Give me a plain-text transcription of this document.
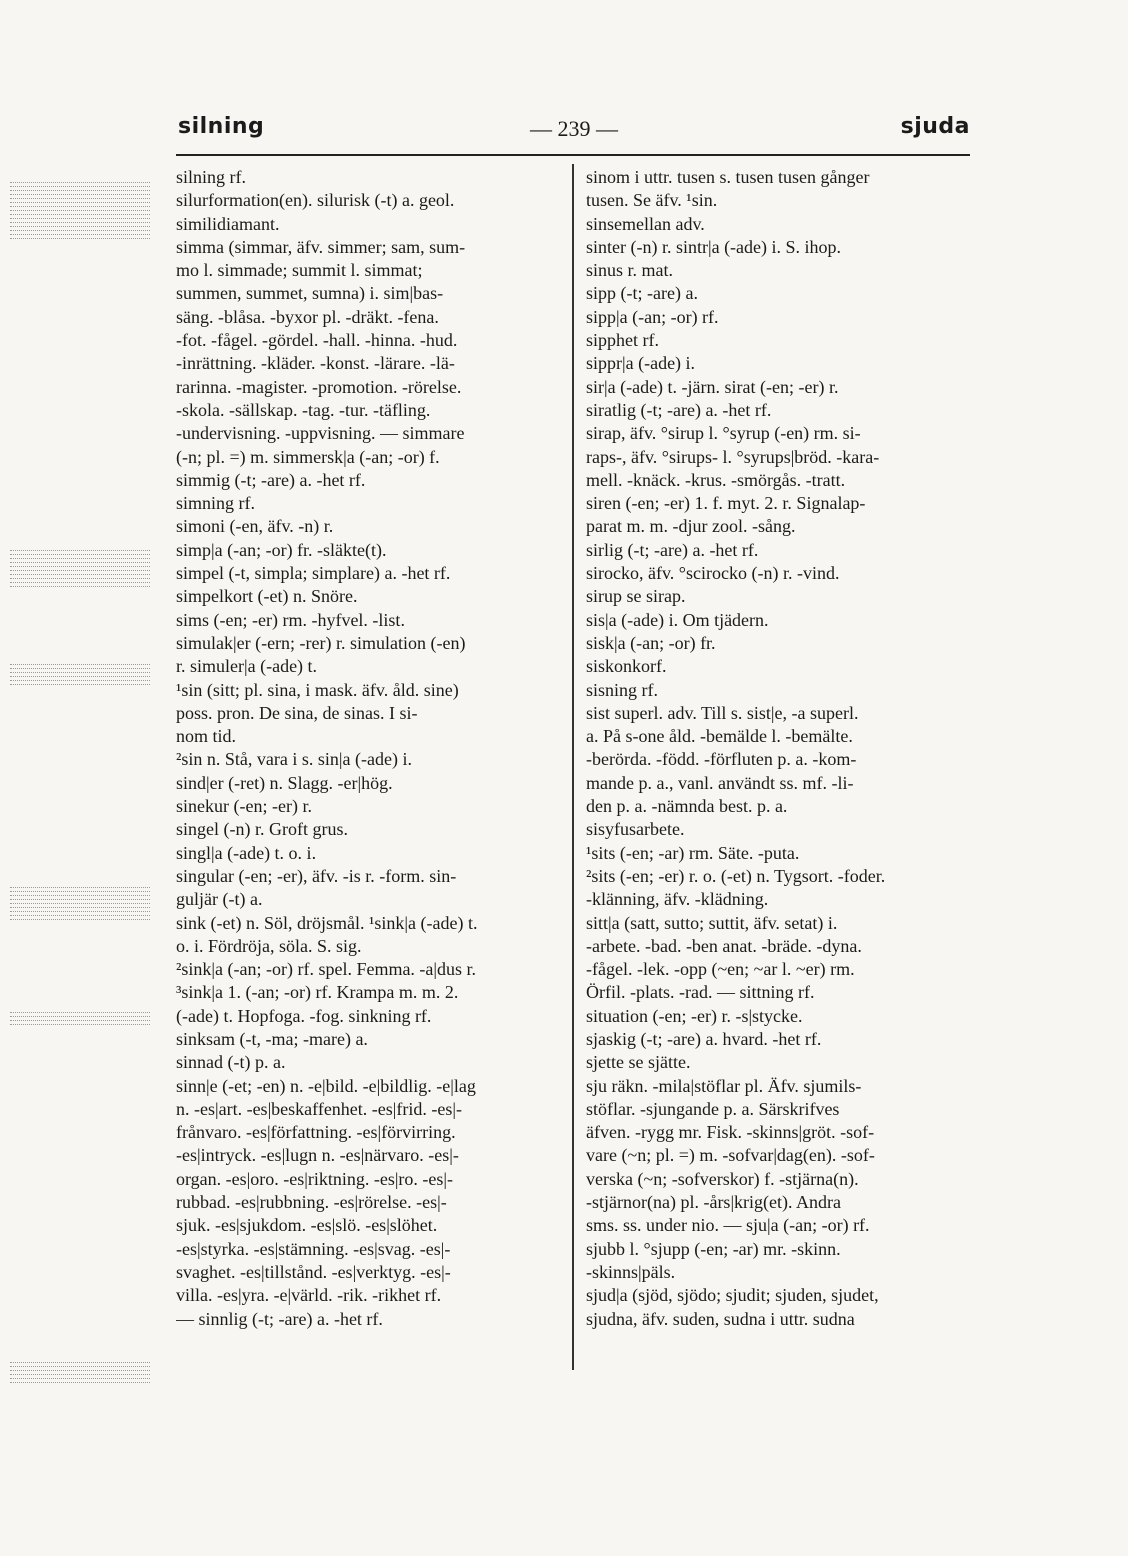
silning	— 239 —	sjuda
silning rf.
silurformation(en). silurisk (-t) a. geol.
similidiamant.
simma (simmar, äfv. simmer; sam, sum-
mo l. simmade; summit l. simmat;
summen, summet, sumna) i. sim|bas-
säng. -blåsa. -byxor pl. -dräkt. -fena.
-fot. -fågel. -gördel. -hall. -hinna. -hud.
-inrättning. -kläder. -konst. -lärare. -lä-
rarinna. -magister. -promotion. -rörelse.
-skola. -sällskap. -tag. -tur. -täfling.
-undervisning. -uppvisning. — simmare
(-n; pl. =) m. simmersk|a (-an; -or) f.
simmig (-t; -are) a. -het rf.
simning rf.
simoni (-en, äfv. -n) r.
simp|a (-an; -or) fr. -släkte(t).
simpel (-t, simpla; simplare) a. -het rf.
simpelkort (-et) n. Snöre.
sims (-en; -er) rm. -hyfvel. -list.
simulak|er (-ern; -rer) r. simulation (-en)
r. simuler|a (-ade) t.
¹sin (sitt; pl. sina, i mask. äfv. åld. sine)
poss. pron. De sina, de sinas. I si-
nom tid.
²sin n. Stå, vara i s. sin|a (-ade) i.
sind|er (-ret) n. Slagg. -er|hög.
sinekur (-en; -er) r.
singel (-n) r. Groft grus.
singl|a (-ade) t. o. i.
singular (-en; -er), äfv. -is r. -form. sin-
guljär (-t) a.
sink (-et) n. Söl, dröjsmål. ¹sink|a (-ade) t.
o. i. Fördröja, söla. S. sig.
²sink|a (-an; -or) rf. spel. Femma. -a|dus r.
³sink|a 1. (-an; -or) rf. Krampa m. m. 2.
(-ade) t. Hopfoga. -fog. sinkning rf.
sinksam (-t, -ma; -mare) a.
sinnad (-t) p. a.
sinn|e (-et; -en) n. -e|bild. -e|bildlig. -e|lag
n. -es|art. -es|beskaffenhet. -es|frid. -es|-
frånvaro. -es|författning. -es|förvirring.
-es|intryck. -es|lugn n. -es|närvaro. -es|-
organ. -es|oro. -es|riktning. -es|ro. -es|-
rubbad. -es|rubbning. -es|rörelse. -es|-
sjuk. -es|sjukdom. -es|slö. -es|slöhet.
-es|styrka. -es|stämning. -es|svag. -es|-
svaghet. -es|tillstånd. -es|verktyg. -es|-
villa. -es|yra. -e|värld. -rik. -rikhet rf.
— sinnlig (-t; -are) a. -het rf.
sinom i uttr. tusen s. tusen tusen gånger
tusen. Se äfv. ¹sin.
sinsemellan adv.
sinter (-n) r. sintr|a (-ade) i. S. ihop.
sinus r. mat.
sipp (-t; -are) a.
sipp|a (-an; -or) rf.
sipphet rf.
sippr|a (-ade) i.
sir|a (-ade) t. -järn. sirat (-en; -er) r.
siratlig (-t; -are) a. -het rf.
sirap, äfv. °sirup l. °syrup (-en) rm. si-
raps-, äfv. °sirups- l. °syrups|bröd. -kara-
mell. -knäck. -krus. -smörgås. -tratt.
siren (-en; -er) 1. f. myt. 2. r. Signalap-
parat m. m. -djur zool. -sång.
sirlig (-t; -are) a. -het rf.
sirocko, äfv. °scirocko (-n) r. -vind.
sirup se sirap.
sis|a (-ade) i. Om tjädern.
sisk|a (-an; -or) fr.
siskonkorf.
sisning rf.
sist superl. adv. Till s. sist|e, -a superl.
a. På s-one åld. -bemälde l. -bemälte.
-berörda. -född. -förfluten p. a. -kom-
mande p. a., vanl. användt ss. mf. -li-
den p. a. -nämnda best. p. a.
sisyfusarbete.
¹sits (-en; -ar) rm. Säte. -puta.
²sits (-en; -er) r. o. (-et) n. Tygsort. -foder.
-klänning, äfv. -klädning.
sitt|a (satt, sutto; suttit, äfv. setat) i.
-arbete. -bad. -ben anat. -bräde. -dyna.
-fågel. -lek. -opp (~en; ~ar l. ~er) rm.
Örfil. -plats. -rad. — sittning rf.
situation (-en; -er) r. -s|stycke.
sjaskig (-t; -are) a. hvard. -het rf.
sjette se sjätte.
sju räkn. -mila|stöflar pl. Äfv. sjumils-
stöflar. -sjungande p. a. Särskrifves
äfven. -rygg mr. Fisk. -skinns|gröt. -sof-
vare (~n; pl. =) m. -sofvar|dag(en). -sof-
verska (~n; -sofverskor) f. -stjärna(n).
-stjärnor(na) pl. -års|krig(et). Andra
sms. ss. under nio. — sju|a (-an; -or) rf.
sjubb l. °sjupp (-en; -ar) mr. -skinn.
-skinns|päls.
sjud|a (sjöd, sjödo; sjudit; sjuden, sjudet,
sjudna, äfv. suden, sudna i uttr. sudna
